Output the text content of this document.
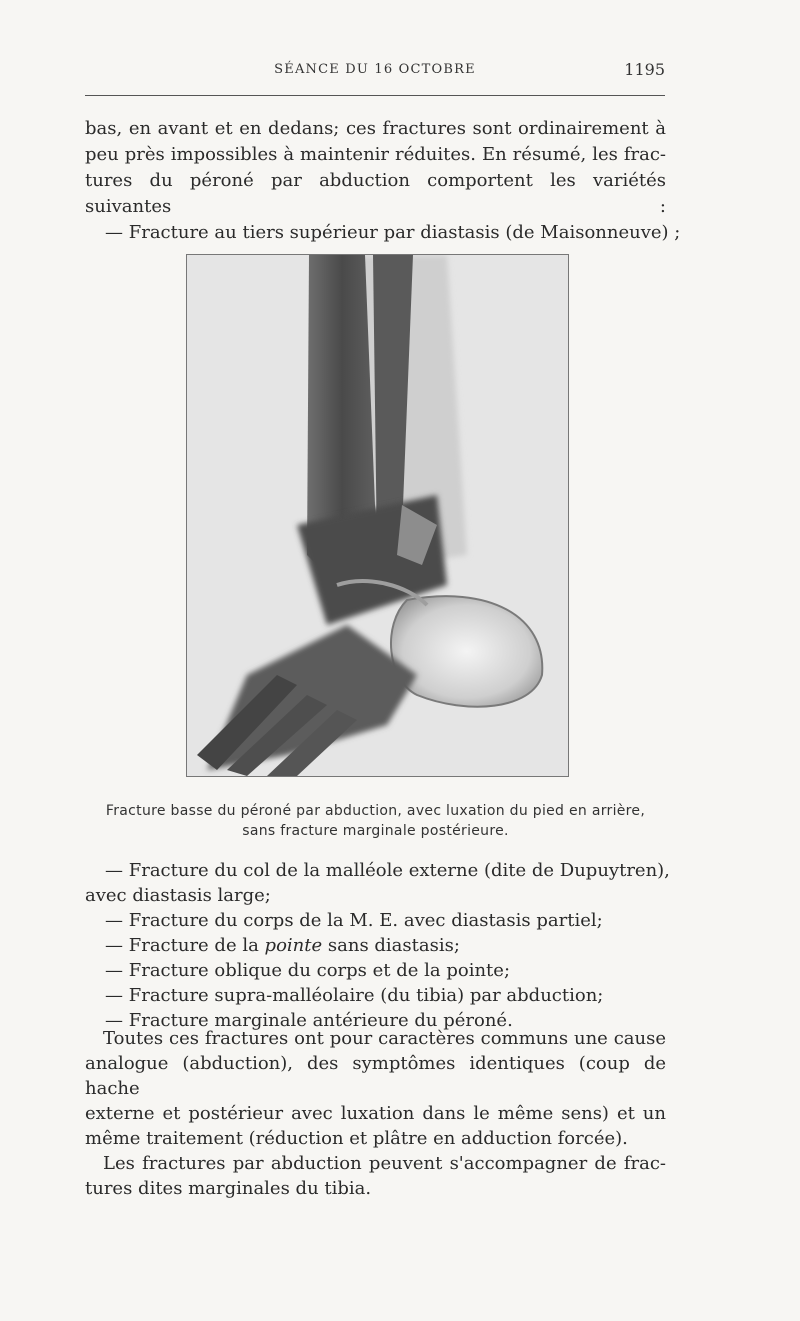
SÉANCE DU 16 OCTOBRE	1195
bas, en avant et en dedans; ces fractures sont ordinairement à
peu près impossibles à maintenir réduites. En résumé, les frac-
tures du péroné par abduction comportent les variétés suivantes :
— Fracture au tiers supérieur par diastasis (de Maisonneuve) ;
Fracture basse du péroné par abduction, avec luxation du pied en arrière,
sans fracture marginale postérieure.
— Fracture du col de la malléole externe (dite de Dupuytren),
avec diastasis large;
— Fracture du corps de la M. E. avec diastasis partiel;
— Fracture de la pointe sans diastasis;
— Fracture oblique du corps et de la pointe;
— Fracture supra-malléolaire (du tibia) par abduction;
— Fracture marginale antérieure du péroné.
Toutes ces fractures ont pour caractères communs une cause
analogue (abduction), des symptômes identiques (coup de hache
externe et postérieur avec luxation dans le même sens) et un
même traitement (réduction et plâtre en adduction forcée).
Les fractures par abduction peuvent s'accompagner de frac-
tures dites marginales du tibia.
